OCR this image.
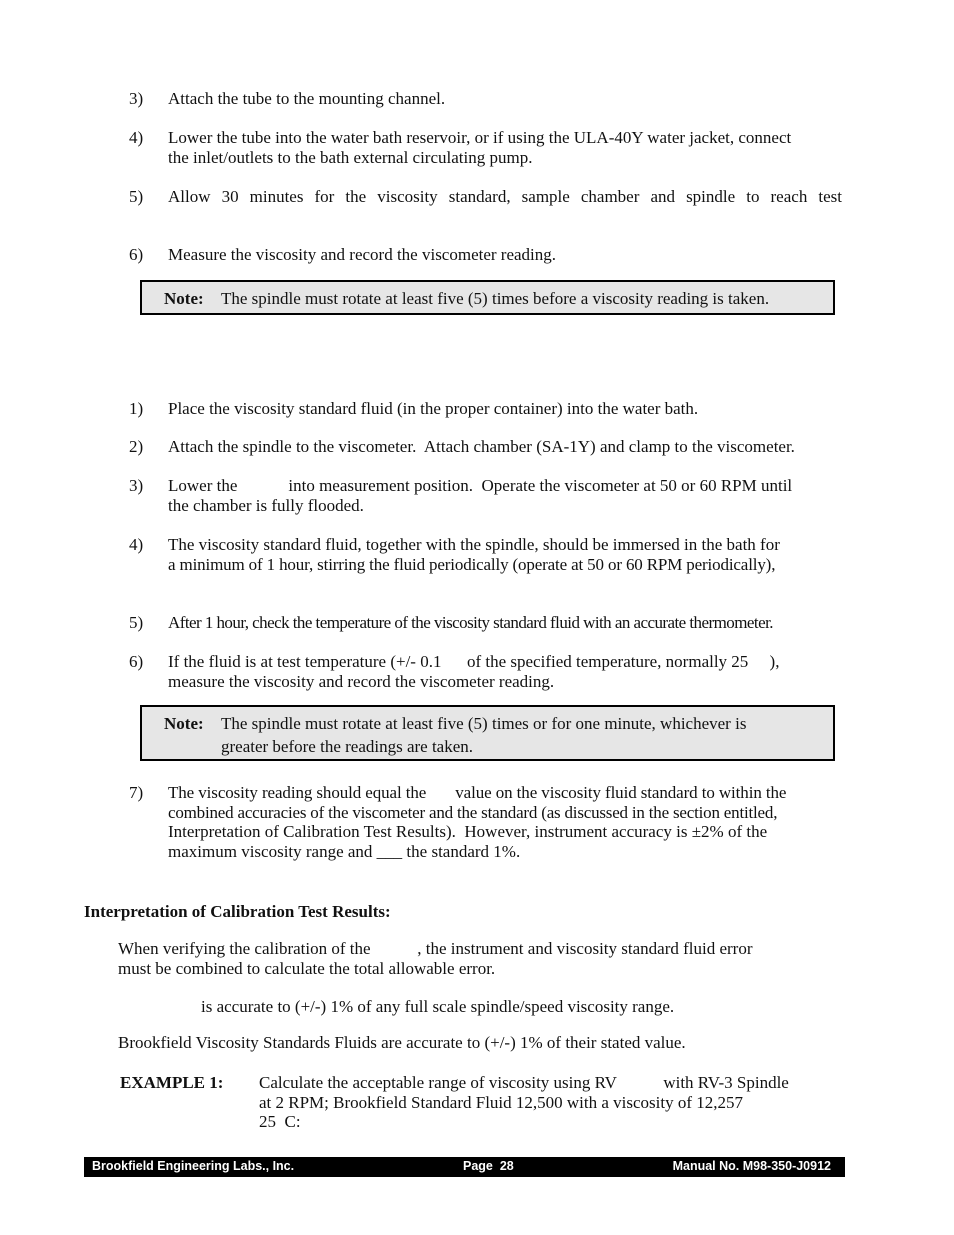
3) Attach the tube to the mounting channel.
4) Lower the tube into the water bath reservoir, or if using the ULA-40Y water jacket, connect
the inlet/outlets to the bath external circulating pump.
5) Allow 30 minutes for the viscosity standard, sample chamber and spindle to reach test
6) Measure the viscosity and record the viscometer reading.
Note: The spindle must rotate at least five (5) times before a viscosity reading is taken.
1) Place the viscosity standard fluid (in the proper container) into the water bath.
2) Attach the spindle to the viscometer.  Attach chamber (SA-1Y) and clamp to the viscometer.
3) Lower the            into measurement position.  Operate the viscometer at 50 or 60 RPM until
the chamber is fully flooded.
4) The viscosity standard fluid, together with the spindle, should be immersed in the bath for
a minimum of 1 hour, stirring the fluid periodically (operate at 50 or 60 RPM periodically),
5) After 1 hour, check the temperature of the viscosity standard fluid with an accurate thermometer.
6) If the fluid is at test temperature (+/- 0.1      of the specified temperature, normally 25     ),
measure the viscosity and record the viscometer reading.
Note: The spindle must rotate at least five (5) times or for one minute, whichever is
greater before the readings are taken.
7) The viscosity reading should equal the       value on the viscosity fluid standard to within the
combined accuracies of the viscometer and the standard (as discussed in the section entitled,
Interpretation of Calibration Test Results).  However, instrument accuracy is ±2% of the
maximum viscosity range and ___ the standard 1%.
Interpretation of Calibration Test Results:
When verifying the calibration of the           , the instrument and viscosity standard fluid error
must be combined to calculate the total allowable error.
is accurate to (+/-) 1% of any full scale spindle/speed viscosity range.
Brookfield Viscosity Standards Fluids are accurate to (+/-) 1% of their stated value.
EXAMPLE 1: Calculate the acceptable range of viscosity using RV           with RV-3 Spindle
at 2 RPM; Brookfield Standard Fluid 12,500 with a viscosity of 12,257
25  C:
Brookfield Engineering Labs., Inc.	Page  28	Manual No. M98-350-J0912
